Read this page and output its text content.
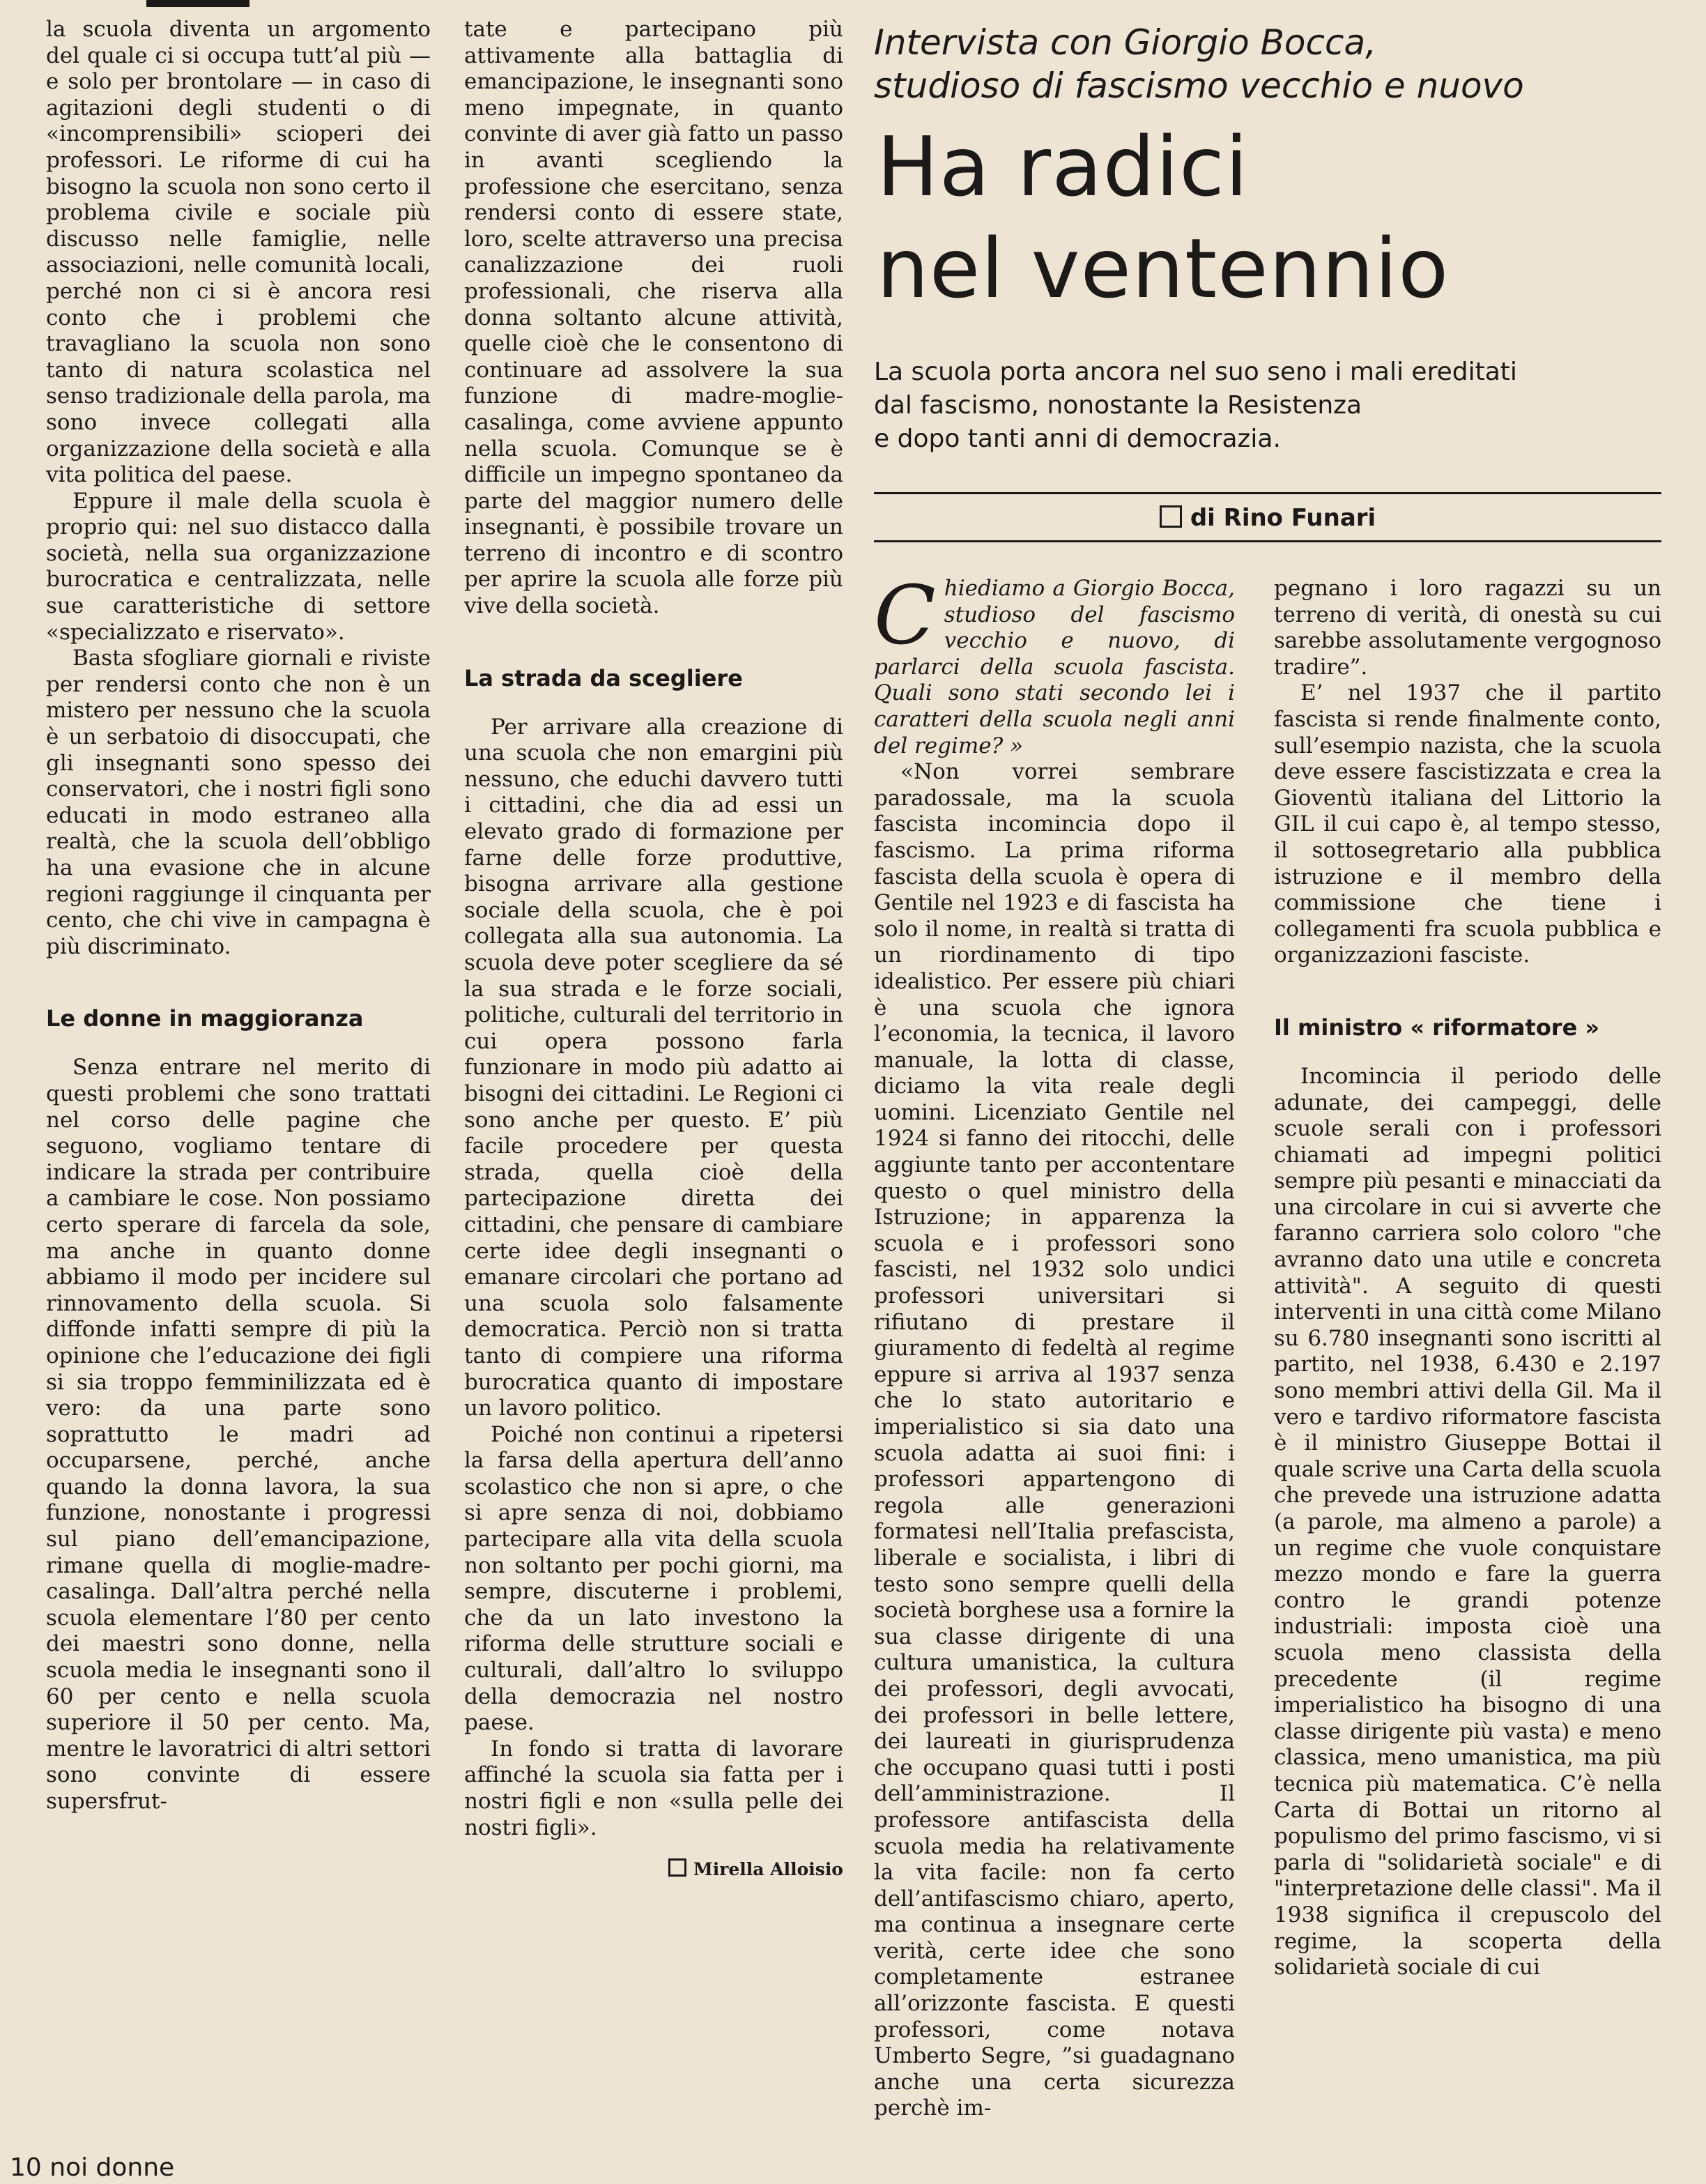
la scuola diventa un argomento del quale ci si occupa tutt’al più — e solo per brontolare — in caso di agitazioni degli studenti o di «incomprensibili» scioperi dei professori. Le riforme di cui ha bisogno la scuola non sono certo il problema civile e sociale più discusso nelle famiglie, nelle associazioni, nelle comunità locali, perché non ci si è ancora resi conto che i problemi che travagliano la scuola non sono tanto di natura scolastica nel senso tradizionale della parola, ma sono invece collegati alla organizzazione della società e alla vita politica del paese.

Eppure il male della scuola è proprio qui: nel suo distacco dalla società, nella sua organizzazione burocratica e centralizzata, nelle sue caratteristiche di settore «specializzato e riservato».

Basta sfogliare giornali e riviste per rendersi conto che non è un mistero per nessuno che la scuola è un serbatoio di disoccupati, che gli insegnanti sono spesso dei conservatori, che i nostri figli sono educati in modo estraneo alla realtà, che la scuola dell’obbligo ha una evasione che in alcune regioni raggiunge il cinquanta per cento, che chi vive in campagna è più discriminato.

Le donne in maggioranza

Senza entrare nel merito di questi problemi che sono trattati nel corso delle pagine che seguono, vogliamo tentare di indicare la strada per contribuire a cambiare le cose. Non possiamo certo sperare di farcela da sole, ma anche in quanto donne abbiamo il modo per incidere sul rinnovamento della scuola. Si diffonde infatti sempre di più la opinione che l’educazione dei figli si sia troppo femminilizzata ed è vero: da una parte sono soprattutto le madri ad occuparsene, perché, anche quando la donna lavora, la sua funzione, nonostante i progressi sul piano dell’emancipazione, rimane quella di moglie-madre-casalinga. Dall’altra perché nella scuola elementare l’80 per cento dei maestri sono donne, nella scuola media le insegnanti sono il 60 per cento e nella scuola superiore il 50 per cento. Ma, mentre le lavoratrici di altri settori sono convinte di essere supersfrut-

tate e partecipano più attivamente alla battaglia di emancipazione, le insegnanti sono meno impegnate, in quanto convinte di aver già fatto un passo in avanti scegliendo la professione che esercitano, senza rendersi conto di essere state, loro, scelte attraverso una precisa canalizzazione dei ruoli professionali, che riserva alla donna soltanto alcune attività, quelle cioè che le consentono di continuare ad assolvere la sua funzione di madre-moglie-casalinga, come avviene appunto nella scuola. Comunque se è difficile un impegno spontaneo da parte del maggior numero delle insegnanti, è possibile trovare un terreno di incontro e di scontro per aprire la scuola alle forze più vive della società.

La strada da scegliere

Per arrivare alla creazione di una scuola che non emargini più nessuno, che educhi davvero tutti i cittadini, che dia ad essi un elevato grado di formazione per farne delle forze produttive, bisogna arrivare alla gestione sociale della scuola, che è poi collegata alla sua autonomia. La scuola deve poter scegliere da sé la sua strada e le forze sociali, politiche, culturali del territorio in cui opera possono farla funzionare in modo più adatto ai bisogni dei cittadini. Le Regioni ci sono anche per questo. E’ più facile procedere per questa strada, quella cioè della partecipazione diretta dei cittadini, che pensare di cambiare certe idee degli insegnanti o emanare circolari che portano ad una scuola solo falsamente democratica. Perciò non si tratta tanto di compiere una riforma burocratica quanto di impostare un lavoro politico.

Poiché non continui a ripetersi la farsa della apertura dell’anno scolastico che non si apre, o che si apre senza di noi, dobbiamo partecipare alla vita della scuola non soltanto per pochi giorni, ma sempre, discuterne i problemi, che da un lato investono la riforma delle strutture sociali e culturali, dall’altro lo sviluppo della democrazia nel nostro paese.

In fondo si tratta di lavorare affinché la scuola sia fatta per i nostri figli e non «sulla pelle dei nostri figli».

Mirella Alloisio

Intervista con Giorgio Bocca,

studioso di fascismo vecchio e nuovo

Ha radici
nel ventennio
La scuola porta ancora nel suo seno i mali ereditati
dal fascismo, nonostante la Resistenza
e dopo tanti anni di democrazia.
di Rino Funari

Chiediamo a Giorgio Bocca, studioso del fascismo vecchio e nuovo, di parlarci della scuola fascista. Quali sono stati secondo lei i caratteri della scuola negli anni del regime? »

«Non vorrei sembrare paradossale, ma la scuola fascista incomincia dopo il fascismo. La prima riforma fascista della scuola è opera di Gentile nel 1923 e di fascista ha solo il nome, in realtà si tratta di un riordinamento di tipo idealistico. Per essere più chiari è una scuola che ignora l’economia, la tecnica, il lavoro manuale, la lotta di classe, diciamo la vita reale degli uomini. Licenziato Gentile nel 1924 si fanno dei ritocchi, delle aggiunte tanto per accontentare questo o quel ministro della Istruzione; in apparenza la scuola e i professori sono fascisti, nel 1932 solo undici professori universitari si rifiutano di prestare il giuramento di fedeltà al regime eppure si arriva al 1937 senza che lo stato autoritario e imperialistico si sia dato una scuola adatta ai suoi fini: i professori appartengono di regola alle generazioni formatesi nell’Italia prefascista, liberale e socialista, i libri di testo sono sempre quelli della società borghese usa a fornire la sua classe dirigente di una cultura umanistica, la cultura dei professori, degli avvocati, dei professori in belle lettere, dei laureati in giurisprudenza che occupano quasi tutti i posti dell’amministrazione. Il professore antifascista della scuola media ha relativamente la vita facile: non fa certo dell’antifascismo chiaro, aperto, ma continua a insegnare certe verità, certe idee che sono completamente estranee all’orizzonte fascista. E questi professori, come notava Umberto Segre, ”si guadagnano anche una certa sicurezza perchè im-

pegnano i loro ragazzi su un terreno di verità, di onestà su cui sarebbe assolutamente vergognoso tradire”.

E’ nel 1937 che il partito fascista si rende finalmente conto, sull’esempio nazista, che la scuola deve essere fascistizzata e crea la Gioventù italiana del Littorio la GIL il cui capo è, al tempo stesso, il sottosegretario alla pubblica istruzione e il membro della commissione che tiene i collegamenti fra scuola pubblica e organizzazioni fasciste.

Il ministro « riformatore »

Incomincia il periodo delle adunate, dei campeggi, delle scuole serali con i professori chiamati ad impegni politici sempre più pesanti e minacciati da una circolare in cui si avverte che faranno carriera solo coloro "che avranno dato una utile e concreta attività". A seguito di questi interventi in una città come Milano su 6.780 insegnanti sono iscritti al partito, nel 1938, 6.430 e 2.197 sono membri attivi della Gil. Ma il vero e tardivo riformatore fascista è il ministro Giuseppe Bottai il quale scrive una Carta della scuola che prevede una istruzione adatta (a parole, ma almeno a parole) a un regime che vuole conquistare mezzo mondo e fare la guerra contro le grandi potenze industriali: imposta cioè una scuola meno classista della precedente (il regime imperialistico ha bisogno di una classe dirigente più vasta) e meno classica, meno umanistica, ma più tecnica più matematica. C’è nella Carta di Bottai un ritorno al populismo del primo fascismo, vi si parla di "solidarietà sociale" e di "interpretazione delle classi". Ma il 1938 significa il crepuscolo del regime, la scoperta della solidarietà sociale di cui

10 noi donne
